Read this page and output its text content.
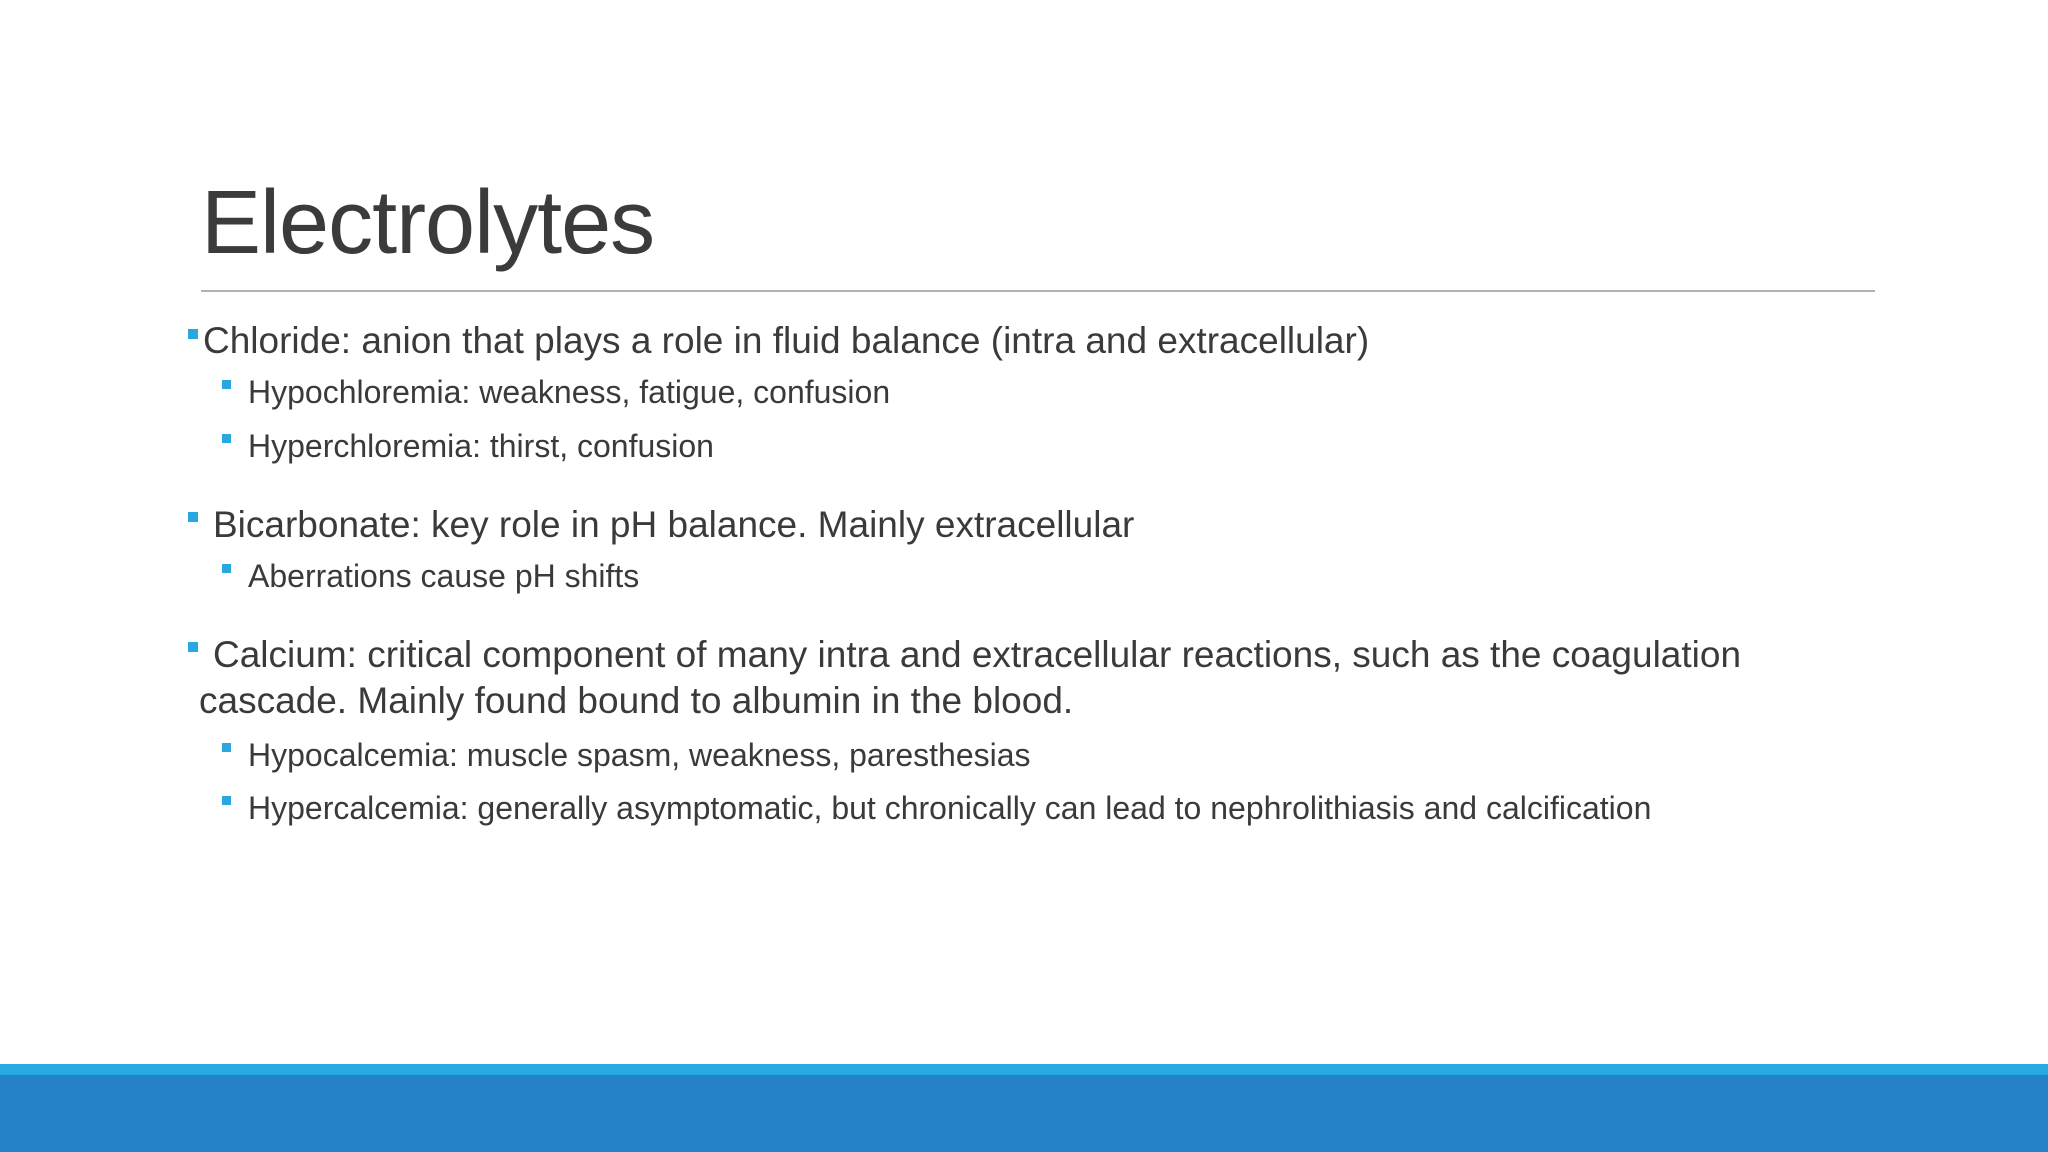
Electrolytes
Chloride: anion that plays a role in fluid balance (intra and extracellular)
Hypochloremia: weakness, fatigue, confusion
Hyperchloremia: thirst, confusion
Bicarbonate: key role in pH balance. Mainly extracellular
Aberrations cause pH shifts
Calcium: critical component of many intra and extracellular reactions, such as the coagulation
cascade. Mainly found bound to albumin in the blood.
Hypocalcemia: muscle spasm, weakness, paresthesias
Hypercalcemia: generally asymptomatic, but chronically can lead to nephrolithiasis and calcification
